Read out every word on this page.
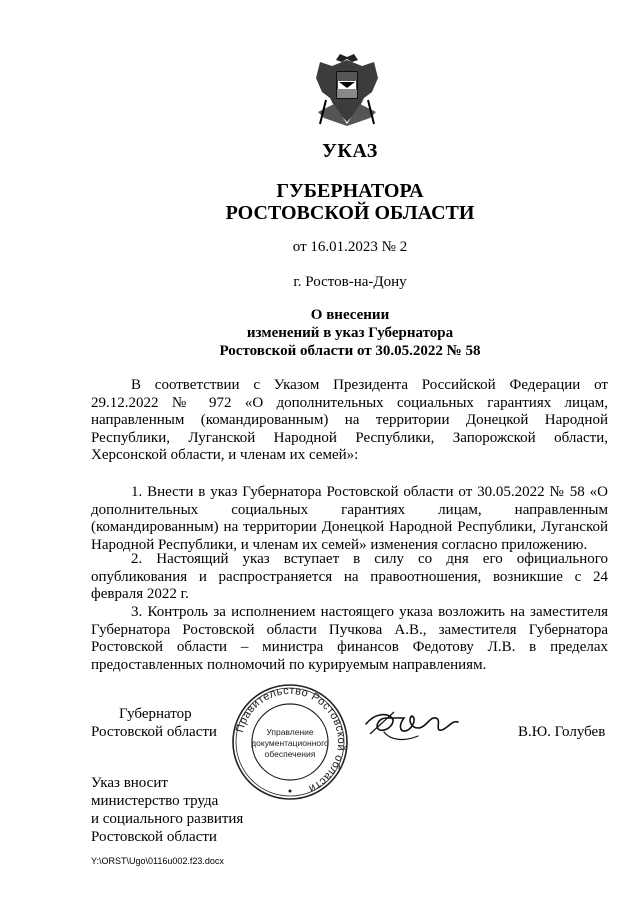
УКАЗ
ГУБЕРНАТОРА
РОСТОВСКОЙ ОБЛАСТИ
от 16.01.2023 № 2
г. Ростов-на-Дону
О внесении
изменений в указ Губернатора
Ростовской области от 30.05.2022 № 58
В соответствии с Указом Президента Российской Федерации от 29.12.2022 № 972 «О дополнительных социальных гарантиях лицам, направленным (командированным) на территории Донецкой Народной Республики, Луганской Народной Республики, Запорожской области, Херсонской области, и членам их семей»:
1. Внести в указ Губернатора Ростовской области от 30.05.2022 № 58 «О дополнительных социальных гарантиях лицам, направленным (командированным) на территории Донецкой Народной Республики, Луганской Народной Республики, и членам их семей» изменения согласно приложению.
2. Настоящий указ вступает в силу со дня его официального опубликования и распространяется на правоотношения, возникшие с 24 февраля 2022 г.
3. Контроль за исполнением настоящего указа возложить на заместителя Губернатора Ростовской области Пучкова А.В., заместителя Губернатора Ростовской области – министра финансов Федотову Л.В. в пределах предоставленных полномочий по курируемым направлениям.
Губернатор
Ростовской области	В.Ю. Голубев
Правительство Ростовской области
Управление
документационного
обеспечения
Указ вносит
министерство труда
и социального развития
Ростовской области
Y:\ORST\Ugo\0116u002.f23.docx
